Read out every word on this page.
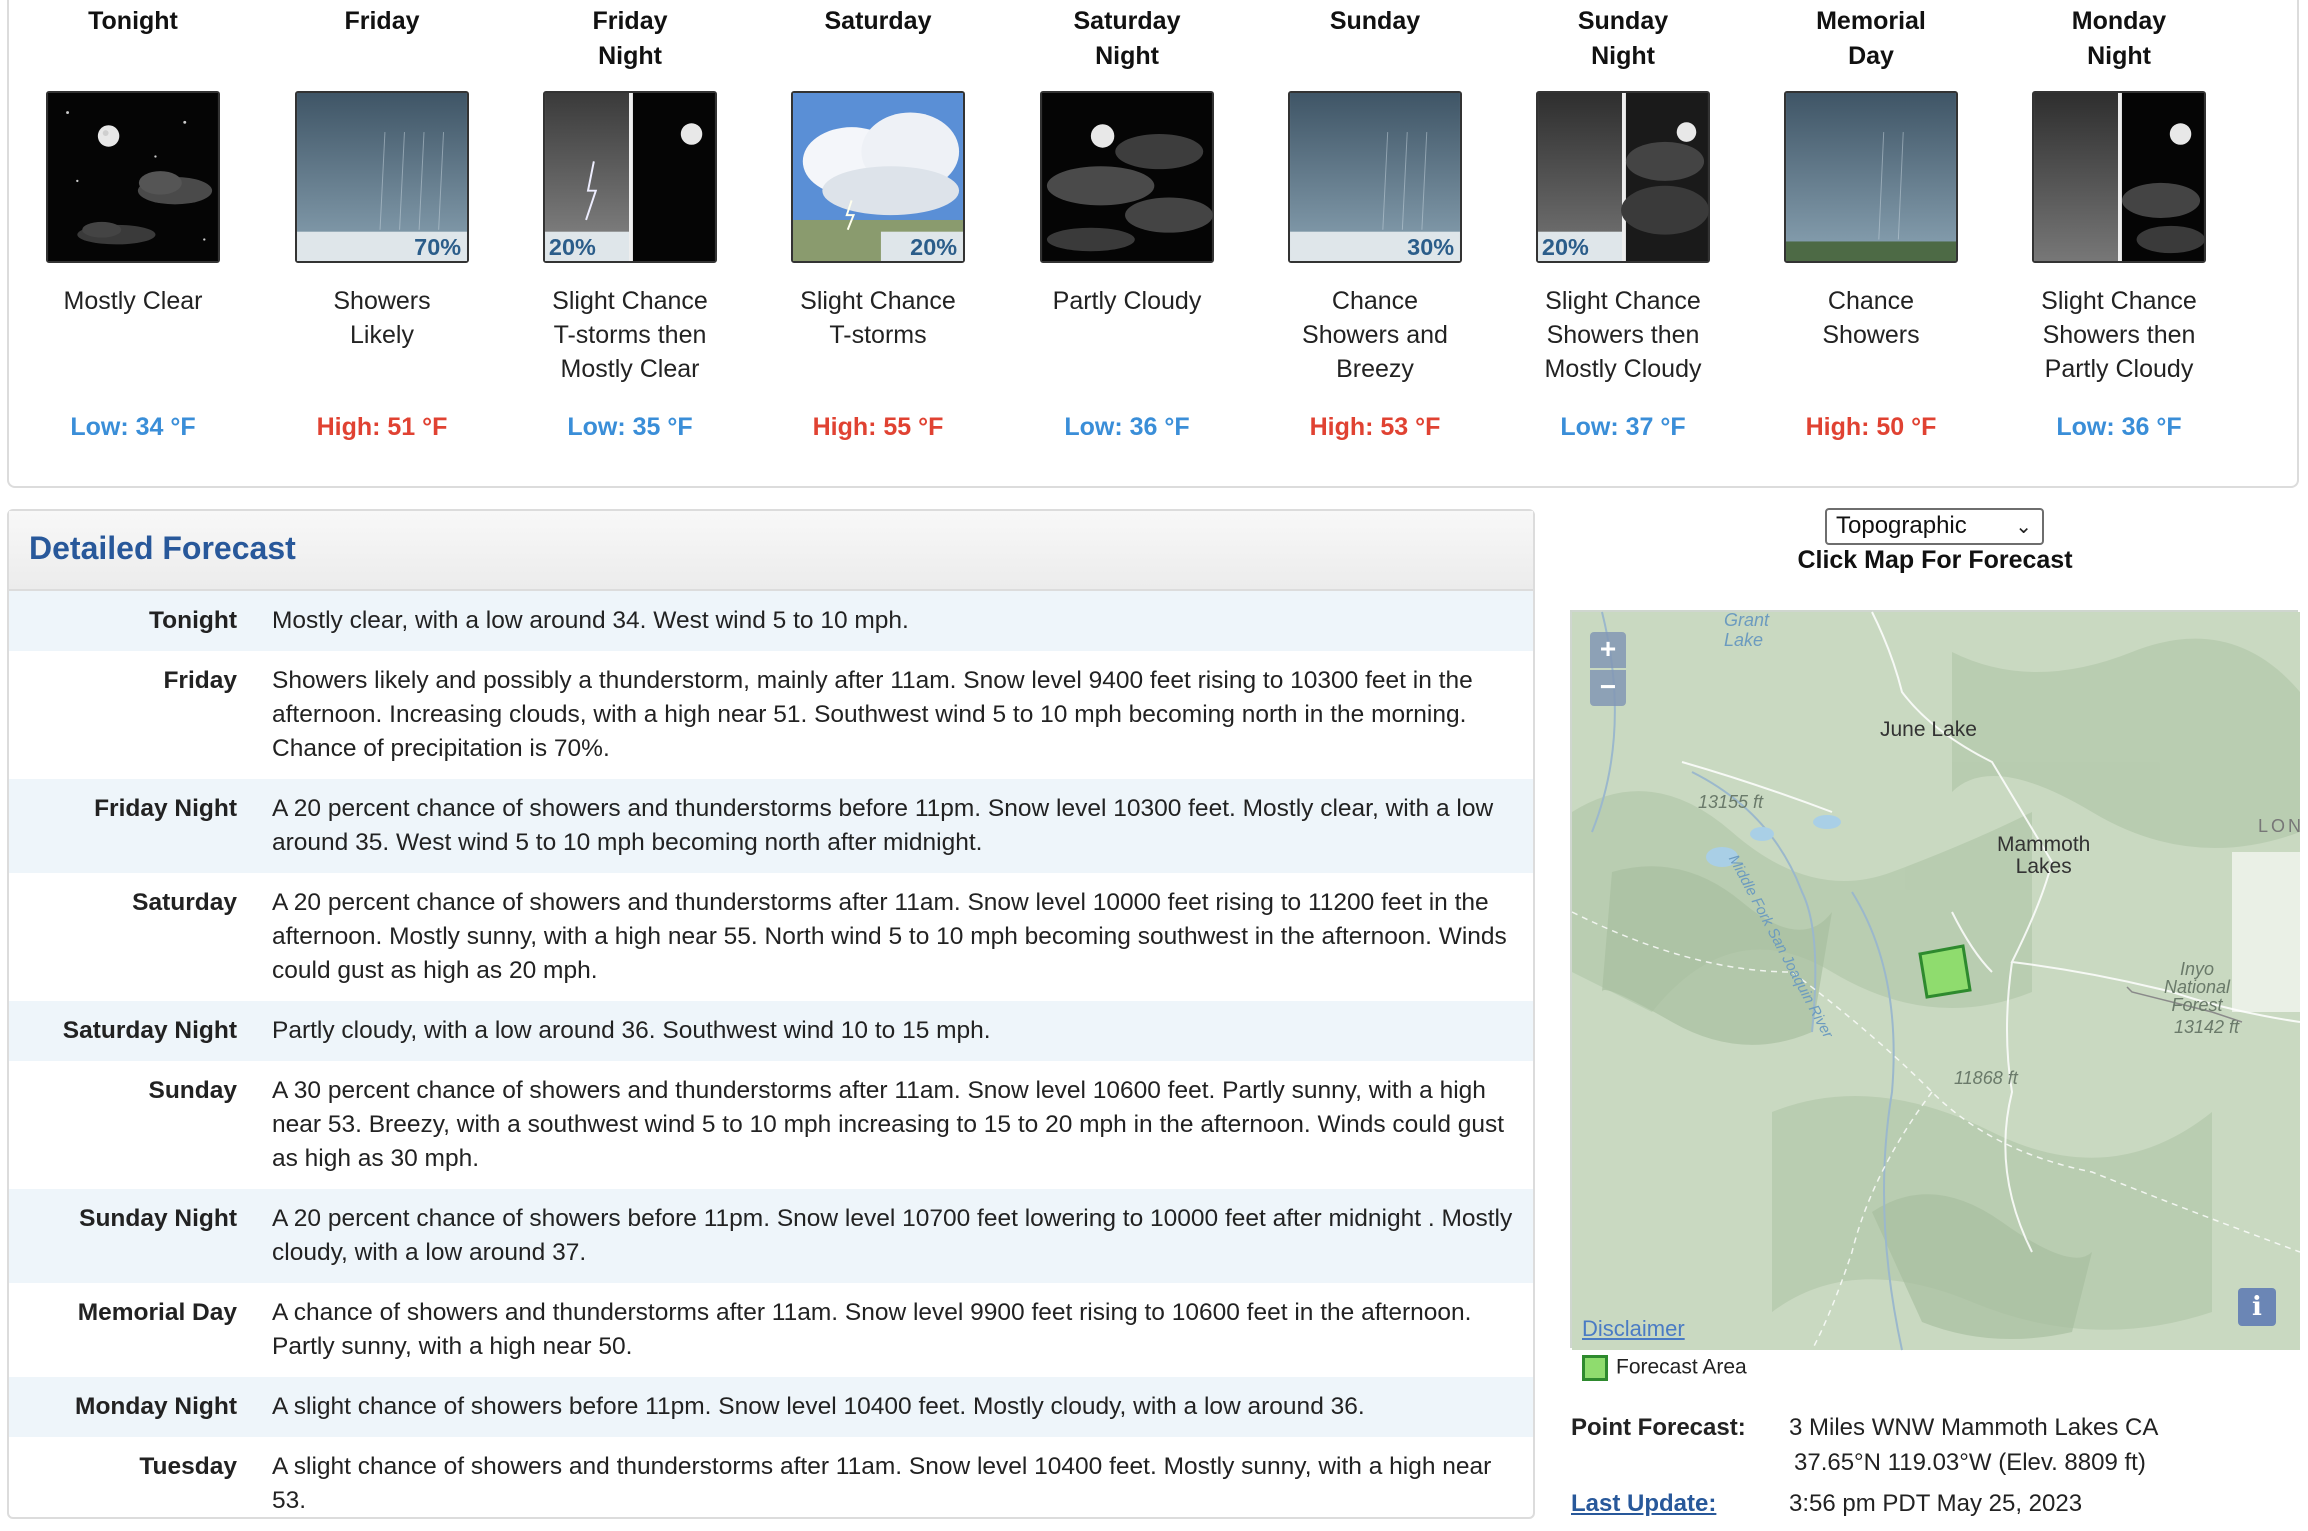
Tonight

Mostly Clear
Low: 34 °F
Friday

70%
Showers
Likely
High: 51 °F
Friday
Night
20%
Slight Chance
T-storms then
Mostly Clear
Low: 35 °F
Saturday

20%
Slight Chance
T-storms
High: 55 °F
Saturday
Night
Partly Cloudy
Low: 36 °F
Sunday

30%
Chance
Showers and
Breezy
High: 53 °F
Sunday
Night
20%
Slight Chance
Showers then
Mostly Cloudy
Low: 37 °F
Memorial
Day
Chance
Showers
High: 50 °F
Monday
Night
Slight Chance
Showers then
Partly Cloudy
Low: 36 °F
Detailed Forecast
Tonight	Mostly clear, with a low around 34. West wind 5 to 10 mph.
Friday	Showers likely and possibly a thunderstorm, mainly after 11am. Snow level 9400 feet rising to 10300 feet in the afternoon. Increasing clouds, with a high near 51. Southwest wind 5 to 10 mph becoming north in the morning. Chance of precipitation is 70%.
Friday Night	A 20 percent chance of showers and thunderstorms before 11pm. Snow level 10300 feet. Mostly clear, with a low around 35. West wind 5 to 10 mph becoming north after midnight.
Saturday	A 20 percent chance of showers and thunderstorms after 11am. Snow level 10000 feet rising to 11200 feet in the afternoon. Mostly sunny, with a high near 55. North wind 5 to 10 mph becoming southwest in the afternoon. Winds could gust as high as 20 mph.
Saturday Night	Partly cloudy, with a low around 36. Southwest wind 10 to 15 mph.
Sunday	A 30 percent chance of showers and thunderstorms after 11am. Snow level 10600 feet. Partly sunny, with a high near 53. Breezy, with a southwest wind 5 to 10 mph increasing to 15 to 20 mph in the afternoon. Winds could gust as high as 30 mph.
Sunday Night	A 20 percent chance of showers before 11pm. Snow level 10700 feet lowering to 10000 feet after midnight . Mostly cloudy, with a low around 37.
Memorial Day	A chance of showers and thunderstorms after 11am. Snow level 9900 feet rising to 10600 feet in the afternoon. Partly sunny, with a high near 50.
Monday Night	A slight chance of showers before 11pm. Snow level 10400 feet. Mostly cloudy, with a low around 36.
Tuesday	A slight chance of showers and thunderstorms after 11am. Snow level 10400 feet. Mostly sunny, with a high near 53.
Topographic ⌄
Click Map For Forecast
Grant
Lake
June Lake
Mammoth
Lakes
13155 ft
Middle Fork San Joaquin River
LON
Inyo
National
Forest
13142 ft
11868 ft
+
−
Disclaimer
i
Forecast Area
Point Forecast: 3 Miles WNW Mammoth Lakes CA
37.65°N 119.03°W (Elev. 8809 ft)
Last Update:	3:56 pm PDT May 25, 2023
